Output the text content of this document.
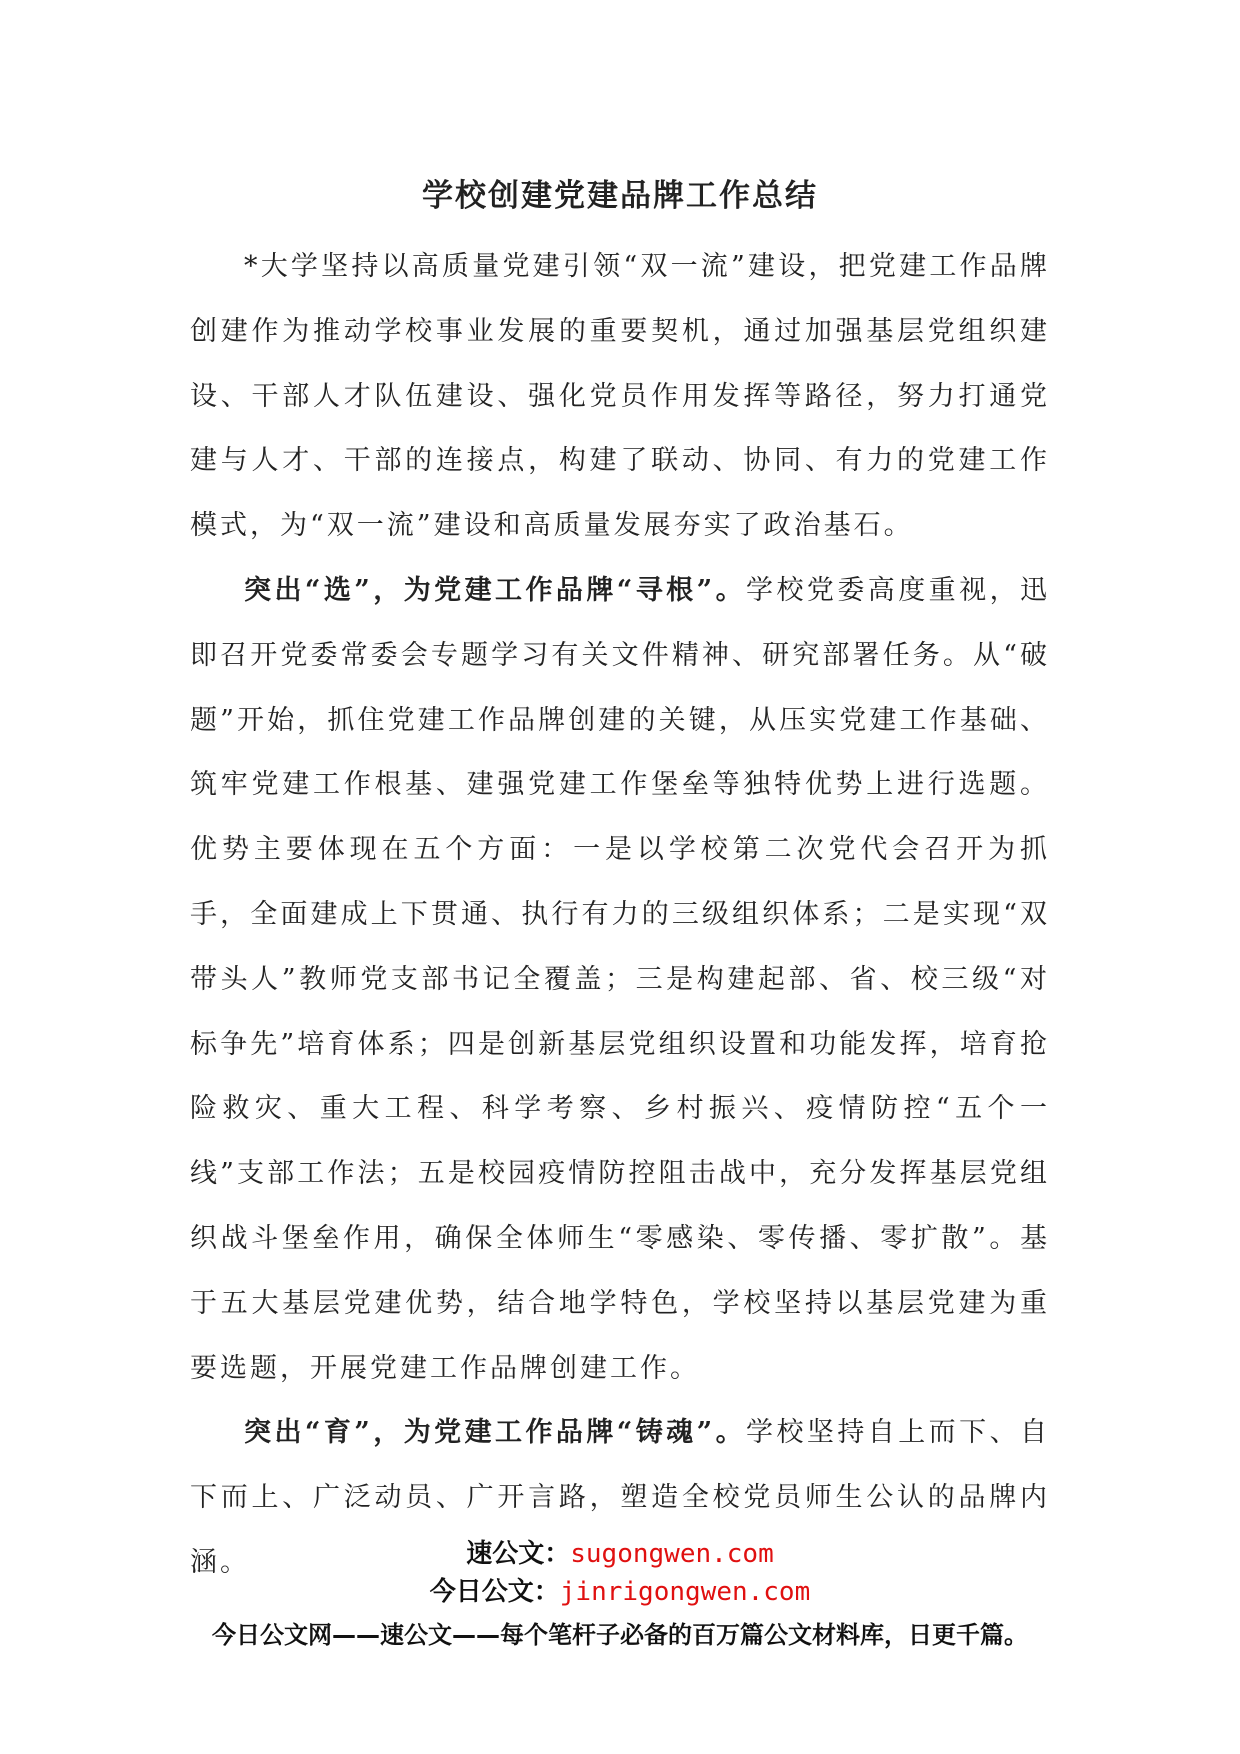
学校创建党建品牌工作总结

*大学坚持以高质量党建引领“双一流”建设，把党建工作品牌创建作为推动学校事业发展的重要契机，通过加强基层党组织建设、干部人才队伍建设、强化党员作用发挥等路径，努力打通党建与人才、干部的连接点，构建了联动、协同、有力的党建工作模式，为“双一流”建设和高质量发展夯实了政治基石。

突出“选”，为党建工作品牌“寻根”。学校党委高度重视，迅即召开党委常委会专题学习有关文件精神、研究部署任务。从“破题”开始，抓住党建工作品牌创建的关键，从压实党建工作基础、筑牢党建工作根基、建强党建工作堡垒等独特优势上进行选题。优势主要体现在五个方面：一是以学校第二次党代会召开为抓手，全面建成上下贯通、执行有力的三级组织体系；二是实现“双带头人”教师党支部书记全覆盖；三是构建起部、省、校三级“对标争先”培育体系；四是创新基层党组织设置和功能发挥，培育抢险救灾、重大工程、科学考察、乡村振兴、疫情防控“五个一线”支部工作法；五是校园疫情防控阻击战中，充分发挥基层党组织战斗堡垒作用，确保全体师生“零感染、零传播、零扩散”。基于五大基层党建优势，结合地学特色，学校坚持以基层党建为重要选题，开展党建工作品牌创建工作。

突出“育”，为党建工作品牌“铸魂”。学校坚持自上而下、自下而上、广泛动员、广开言路，塑造全校党员师生公认的品牌内涵。	速公文：sugongwen.com
今日公文：jinrigongwen.com
今日公文网——速公文——每个笔杆子必备的百万篇公文材料库，日更千篇。
